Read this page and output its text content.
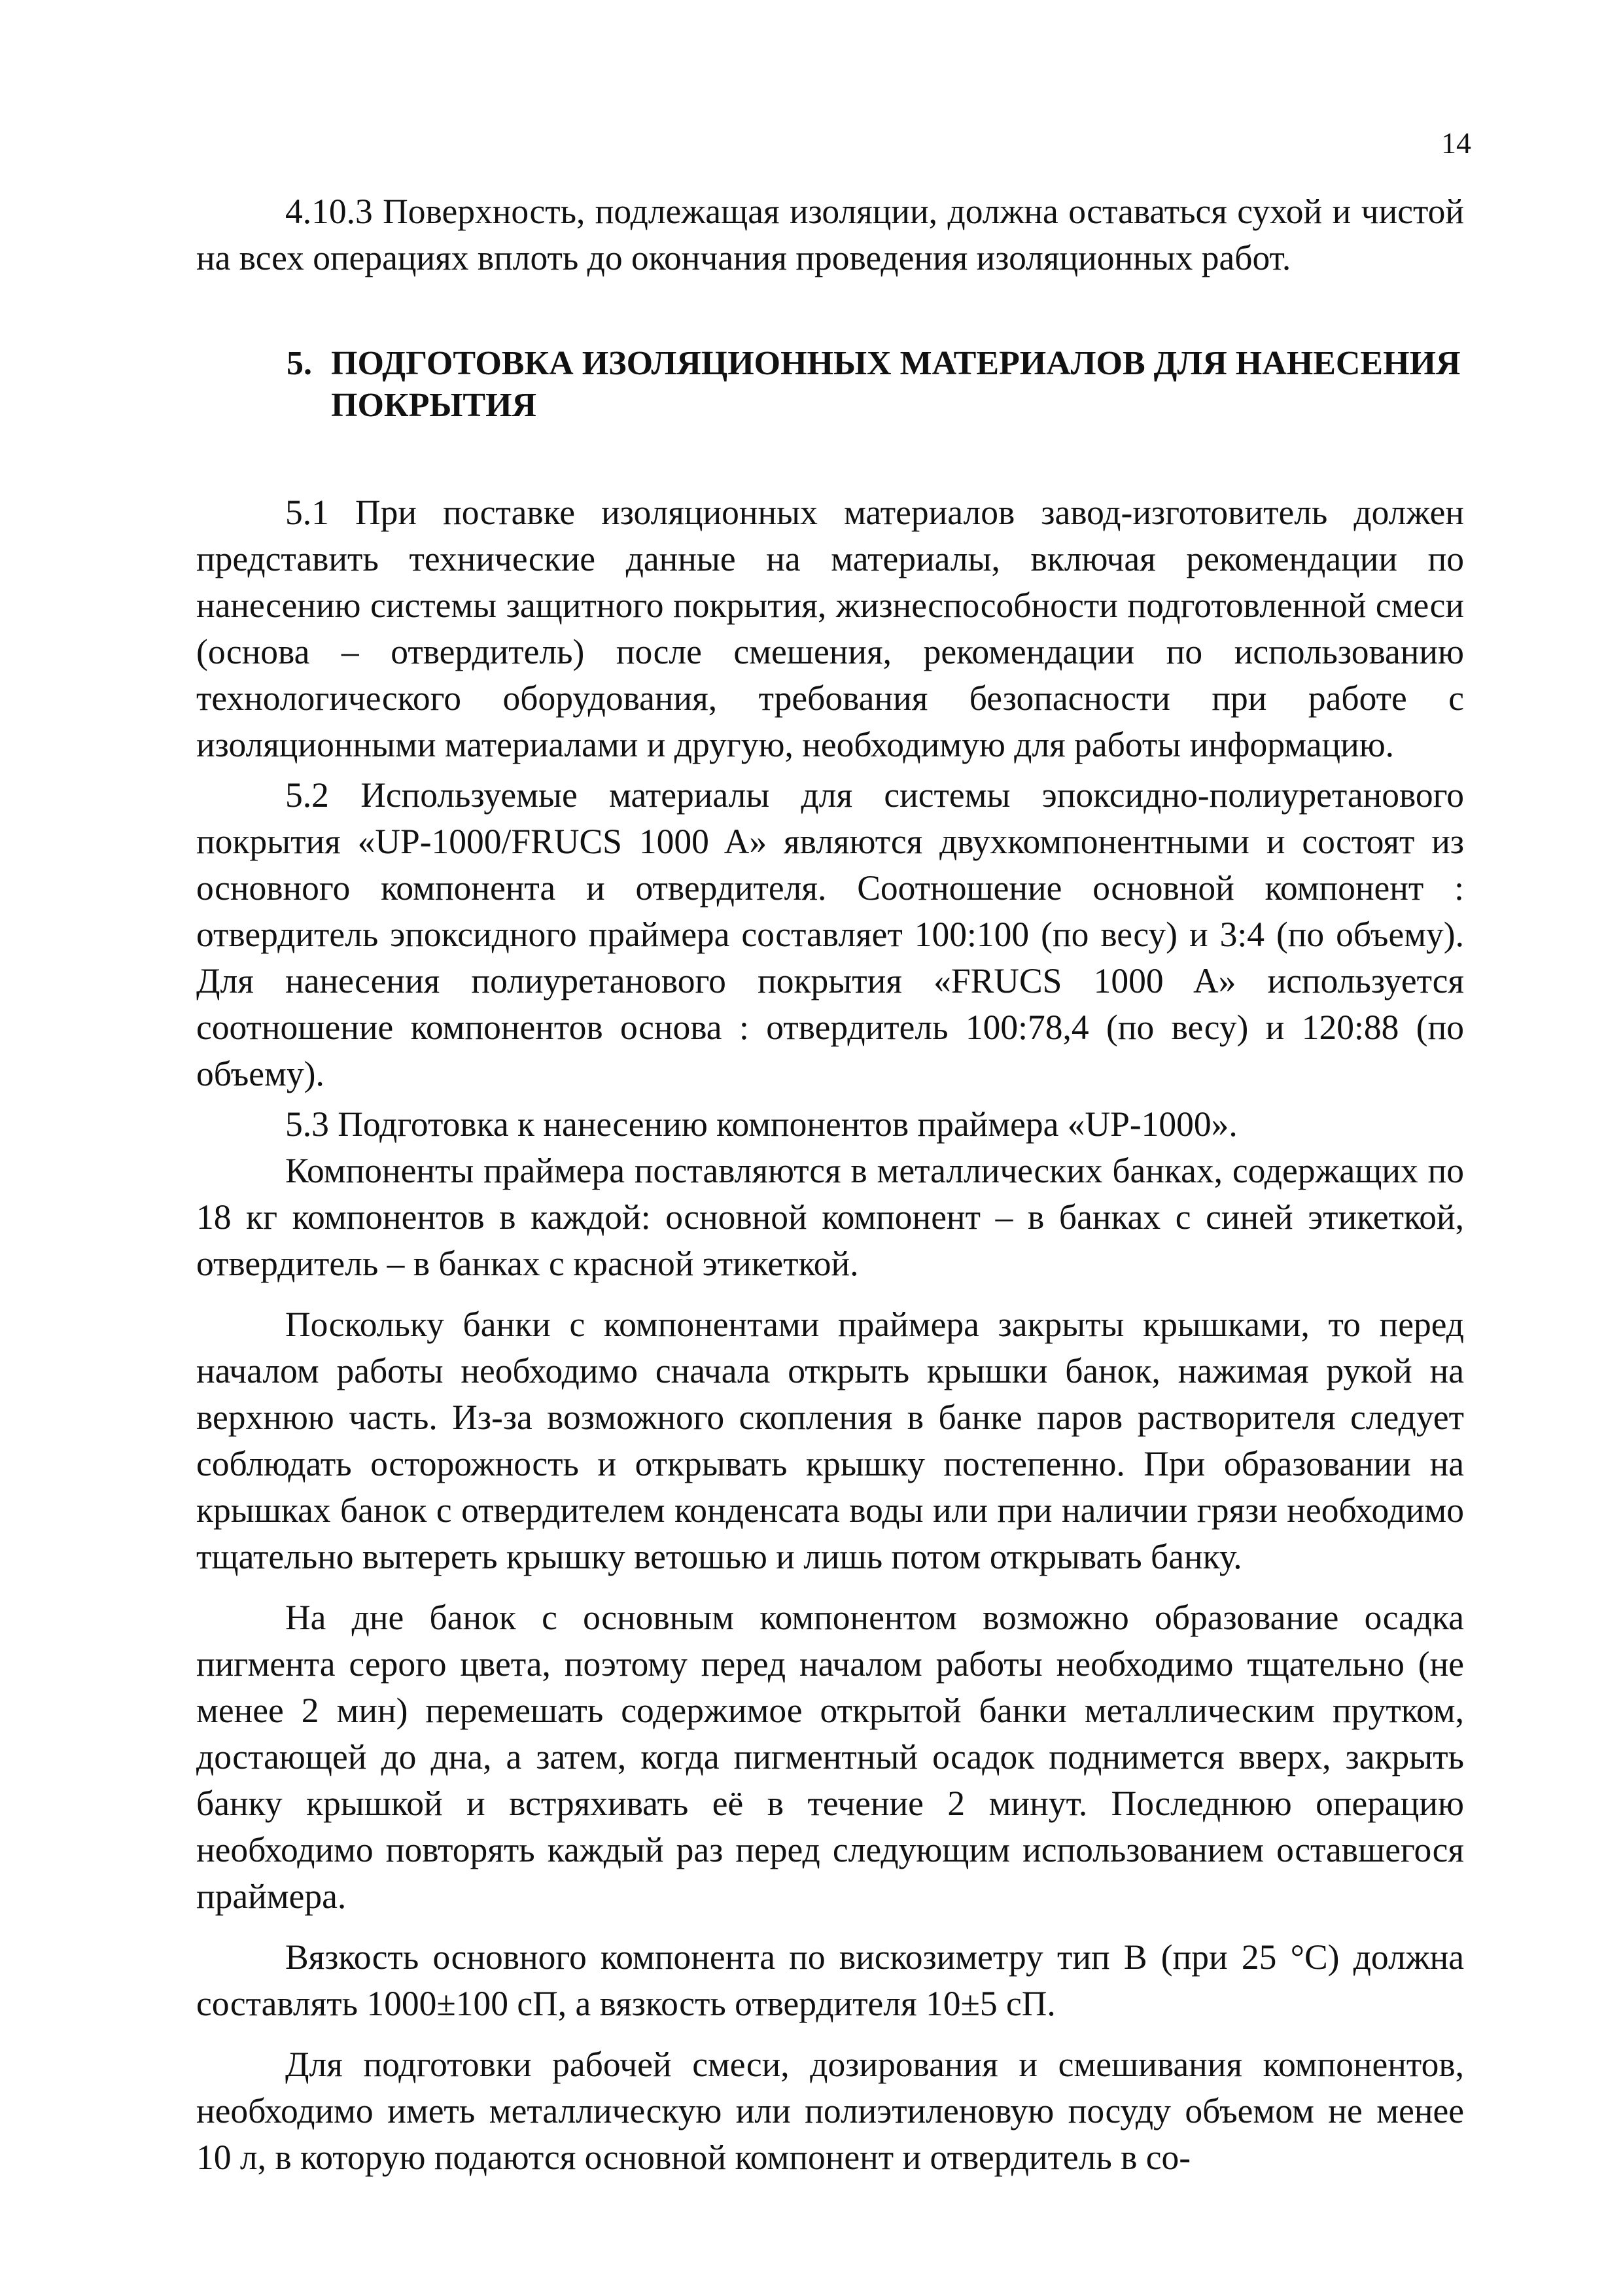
14

4.10.3 Поверхность, подлежащая изоляции, должна оставаться сухой и чистой на всех операциях вплоть до окончания проведения изоляционных работ.

5. ПОДГОТОВКА ИЗОЛЯЦИОННЫХ МАТЕРИАЛОВ ДЛЯ НАНЕСЕНИЯ ПОКРЫТИЯ

5.1 При поставке изоляционных материалов завод-изготовитель должен представить технические данные на материалы, включая рекомендации по нанесению системы защитного покрытия, жизнеспособности подготовленной смеси (основа – отвердитель) после смешения, рекомендации по использованию технологического оборудования, требования безопасности при работе с изоляционными материалами и другую, необходимую для работы информацию.

5.2 Используемые материалы для системы эпоксидно-полиуретанового покрытия «UP-1000/FRUCS 1000 A» являются двухкомпонентными и состоят из основного компонента и отвердителя. Соотношение основной компонент : отвердитель эпоксидного праймера составляет 100:100 (по весу) и 3:4 (по объему). Для нанесения полиуретанового покрытия «FRUCS 1000 A» используется соотношение компонентов основа : отвердитель 100:78,4 (по весу) и 120:88 (по объему).

5.3 Подготовка к нанесению компонентов праймера «UP-1000».

Компоненты праймера поставляются в металлических банках, содержащих по 18 кг компонентов в каждой: основной компонент – в банках с синей этикеткой, отвердитель – в банках с красной этикеткой.

Поскольку банки с компонентами праймера закрыты крышками, то перед началом работы необходимо сначала открыть крышки банок, нажимая рукой на верхнюю часть. Из-за возможного скопления в банке паров растворителя следует соблюдать осторожность и открывать крышку постепенно. При образовании на крышках банок с отвердителем конденсата воды или при наличии грязи необходимо тщательно вытереть крышку ветошью и лишь потом открывать банку.

На дне банок с основным компонентом возможно образование осадка пигмента серого цвета, поэтому перед началом работы необходимо тщательно (не менее 2 мин) перемешать содержимое открытой банки металлическим прутком, достающей до дна, а затем, когда пигментный осадок поднимется вверх, закрыть банку крышкой и встряхивать её в течение 2 минут. Последнюю операцию необходимо повторять каждый раз перед следующим использованием оставшегося праймера.

Вязкость основного компонента по вискозиметру тип В (при 25 °С) должна составлять 1000±100 сП, а вязкость отвердителя 10±5 сП.

Для подготовки рабочей смеси, дозирования и смешивания компонентов, необходимо иметь металлическую или полиэтиленовую посуду объемом не менее 10 л, в которую подаются основной компонент и отвердитель в со-
